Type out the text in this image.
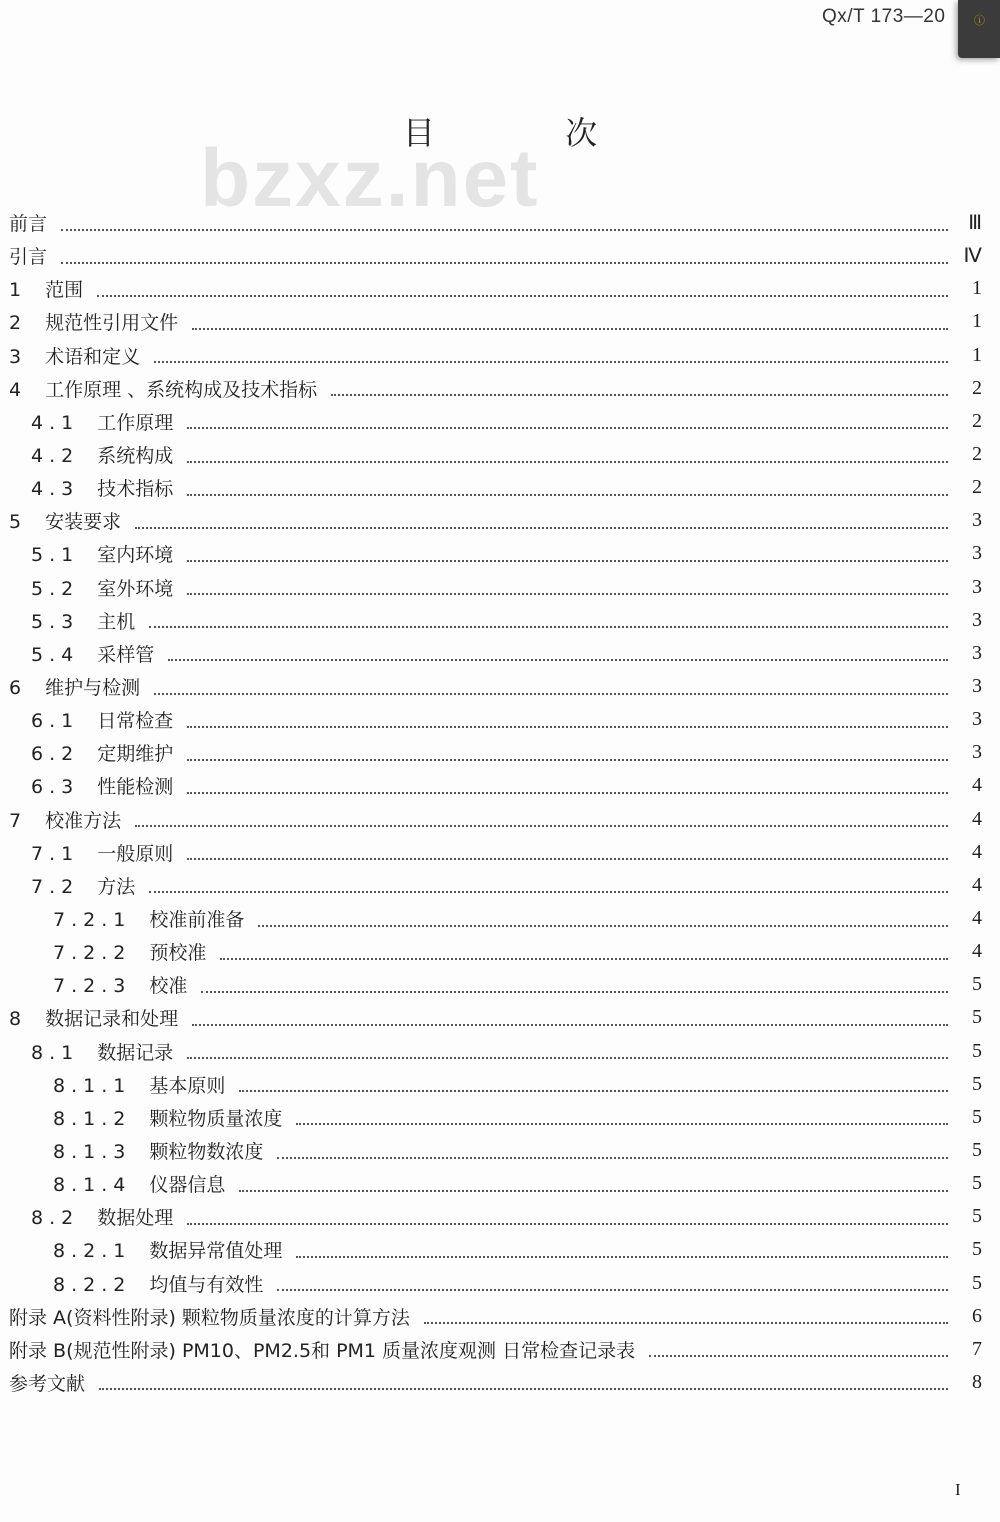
ⓘ
Qx/T 173—20
bzxz.net
目 次
前言	Ⅲ
引言	Ⅳ
1 范围	1
2 规范性引用文件	1
3 术语和定义	1
4 工作原理 、系统构成及技术指标	2
4.1 工作原理	2
4.2 系统构成	2
4.3 技术指标	2
5 安装要求	3
5.1 室内环境	3
5.2 室外环境	3
5.3 主机	3
5.4 采样管	3
6 维护与检测	3
6.1 日常检查	3
6.2 定期维护	3
6.3 性能检测	4
7 校准方法	4
7.1 一般原则	4
7.2 方法	4
7.2.1 校准前准备	4
7.2.2 预校准	4
7.2.3 校准	5
8 数据记录和处理	5
8.1 数据记录	5
8.1.1 基本原则	5
8.1.2 颗粒物质量浓度	5
8.1.3 颗粒物数浓度	5
8.1.4 仪器信息	5
8.2 数据处理	5
8.2.1 数据异常值处理	5
8.2.2 均值与有效性	5
附录 A(资料性附录) 颗粒物质量浓度的计算方法	6
附录 B(规范性附录) PM10、PM2.5和 PM1 质量浓度观测 日常检查记录表	7
参考文献	8
I
